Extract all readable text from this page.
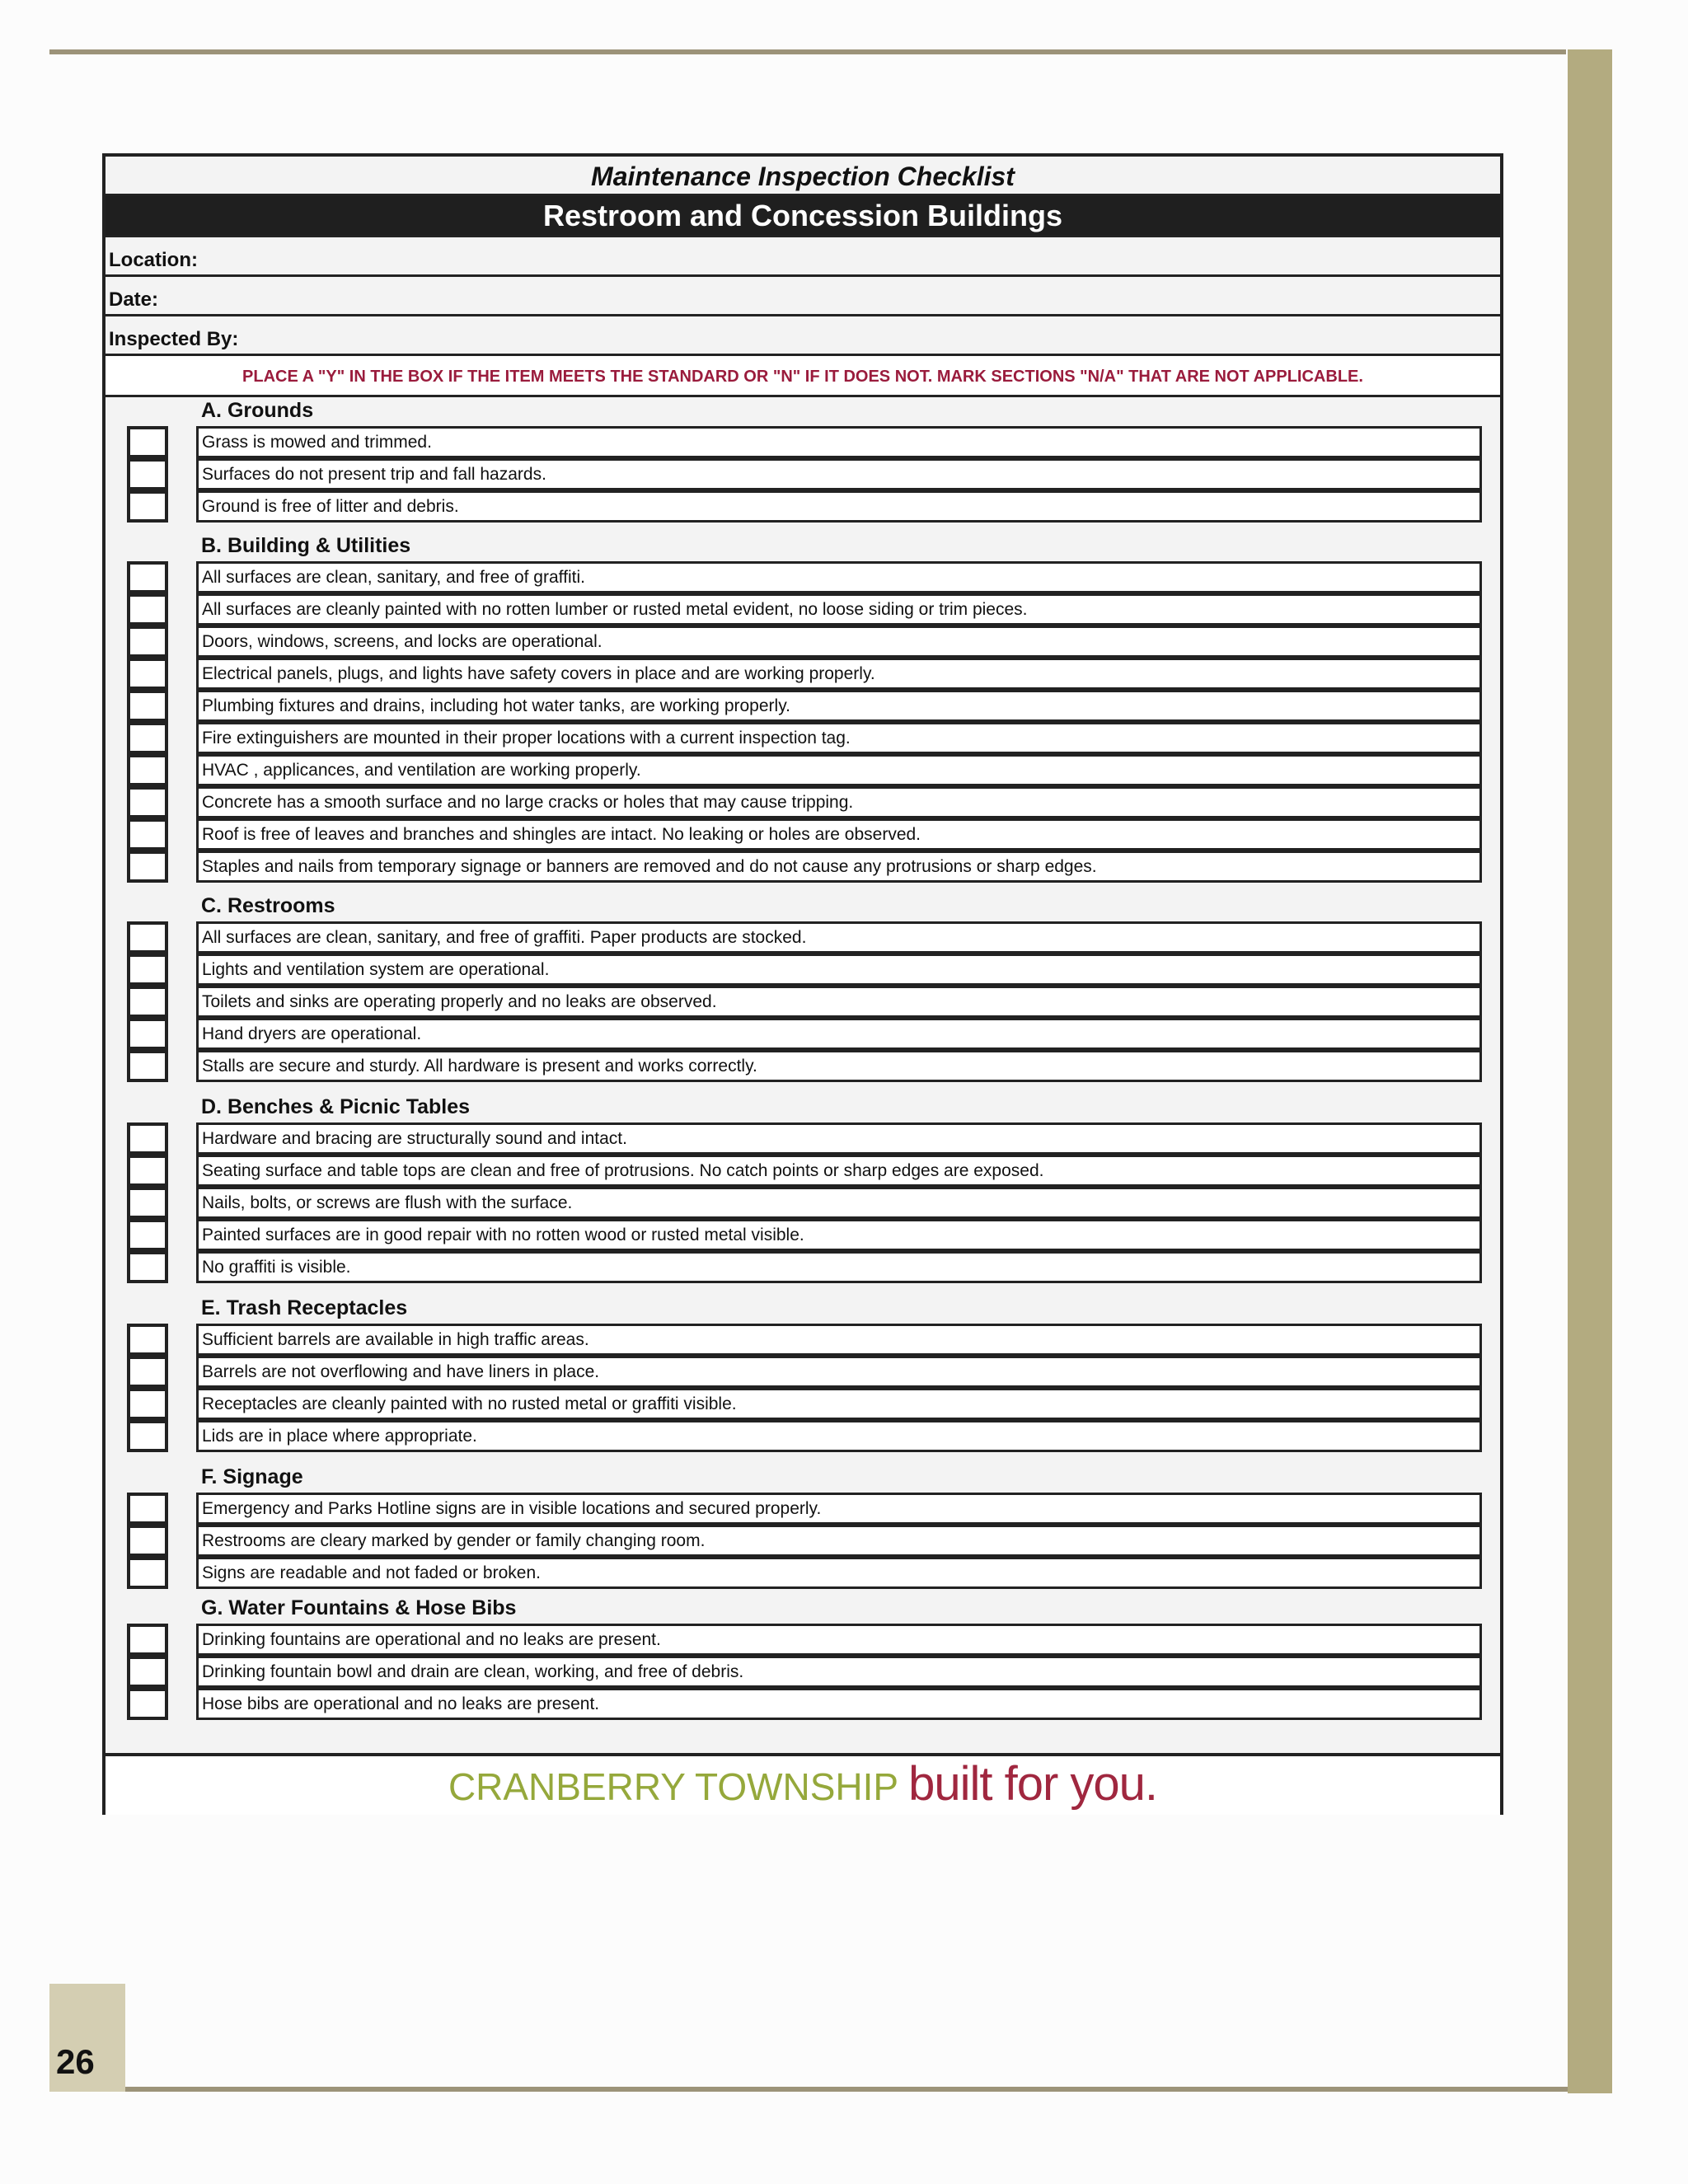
26
Maintenance Inspection Checklist
Restroom and Concession Buildings
Location:
Date:
Inspected By:
PLACE A "Y" IN THE BOX IF THE ITEM MEETS THE STANDARD OR "N" IF IT DOES NOT. MARK SECTIONS "N/A" THAT ARE NOT APPLICABLE.
A. Grounds
Grass is mowed and trimmed.
Surfaces do not present trip and fall hazards.
Ground is free of litter and debris.
B. Building & Utilities
All surfaces are clean, sanitary, and free of graffiti.
All surfaces are cleanly painted with no rotten lumber or rusted metal evident, no loose siding or trim pieces.
Doors, windows, screens, and locks are operational.
Electrical panels, plugs, and lights have safety covers in place and are working properly.
Plumbing fixtures and drains, including hot water tanks, are working properly.
Fire extinguishers are mounted in their proper locations with a current inspection tag.
HVAC , applicances, and ventilation are working properly.
Concrete has a smooth surface and no large cracks or holes that may cause tripping.
Roof is free of leaves and branches and shingles are intact. No leaking or holes are observed.
Staples and nails from temporary signage or banners are removed and do not cause any protrusions or sharp edges.
C. Restrooms
All surfaces are clean, sanitary, and free of graffiti. Paper products are stocked.
Lights and ventilation system are operational.
Toilets and sinks are operating properly and no leaks are observed.
Hand dryers are operational.
Stalls are secure and sturdy. All hardware is present and works correctly.
D. Benches & Picnic Tables
Hardware and bracing are structurally sound and intact.
Seating surface and table tops are clean and free of protrusions. No catch points or sharp edges are exposed.
Nails, bolts, or screws are flush with the surface.
Painted surfaces are in good repair with no rotten wood or rusted metal visible.
No graffiti is visible.
E. Trash Receptacles
Sufficient barrels are available in high traffic areas.
Barrels are not overflowing and have liners in place.
Receptacles are cleanly painted with no rusted metal or graffiti visible.
Lids are in place where appropriate.
F. Signage
Emergency and Parks Hotline signs are in visible locations and secured properly.
Restrooms are cleary marked by gender or family changing room.
Signs are readable and not faded or broken.
G. Water Fountains & Hose Bibs
Drinking fountains are operational and no leaks are present.
Drinking fountain bowl and drain are clean, working, and free of debris.
Hose bibs are operational and no leaks are present.
CRANBERRY TOWNSHIP built for you.
